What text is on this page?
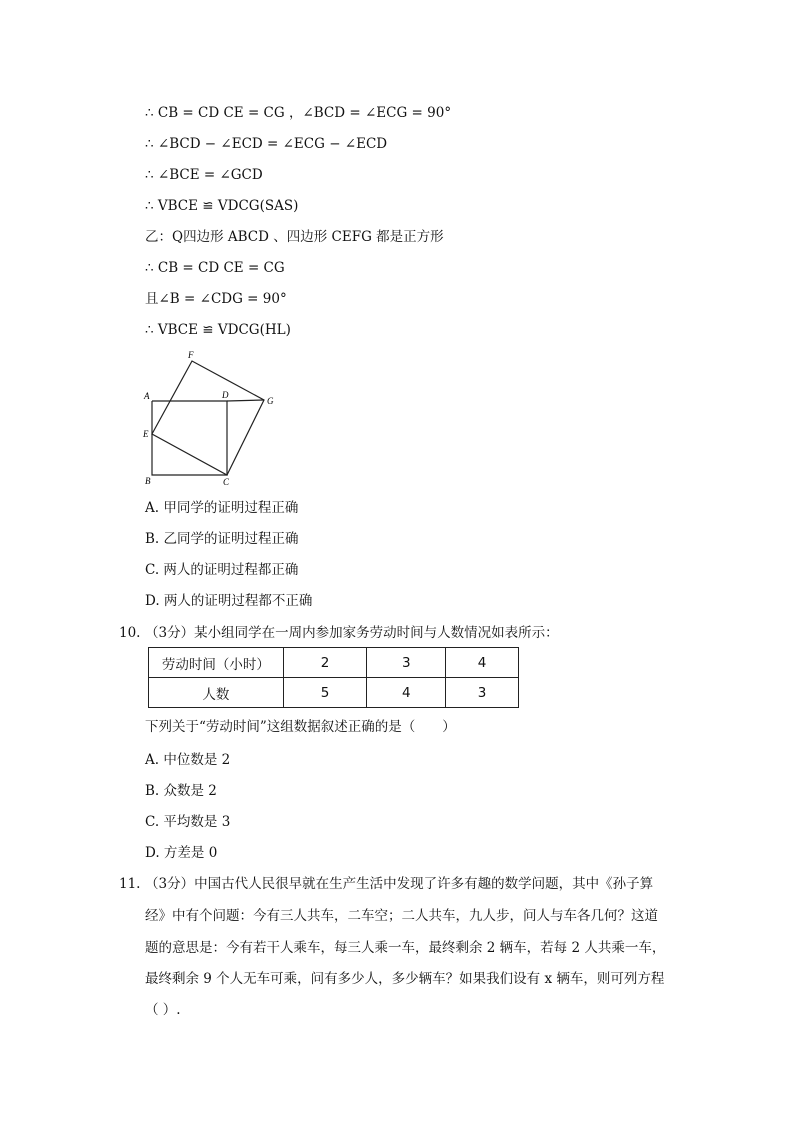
∴ CB = CD CE = CG ，∠BCD = ∠ECG = 90°
∴ ∠BCD − ∠ECD = ∠ECG − ∠ECD
∴ ∠BCE = ∠GCD
∴ VBCE ≌ VDCG(SAS)
乙：Q四边形 ABCD 、四边形 CEFG 都是正方形
∴ CB = CD CE = CG
且∠B = ∠CDG = 90°
∴ VBCE ≌ VDCG(HL)
F
A	D
G
E
B	C
A. 甲同学的证明过程正确
B. 乙同学的证明过程正确
C. 两人的证明过程都正确
D. 两人的证明过程都不正确
10. （3分）某小组同学在一周内参加家务劳动时间与人数情况如表所示：
劳动时间（小时）	2	3	4
人数	5	4	3
下列关于“劳动时间”这组数据叙述正确的是（　　）
A. 中位数是 2
B. 众数是 2
C. 平均数是 3
D. 方差是 0
11. （3分）中国古代人民很早就在生产生活中发现了许多有趣的数学问题，其中《孙子算
经》中有个问题：今有三人共车，二车空；二人共车，九人步，问人与车各几何？这道
题的意思是：今有若干人乘车，每三人乘一车，最终剩余 2 辆车，若每 2 人共乘一车，
最终剩余 9 个人无车可乘，问有多少人，多少辆车？如果我们设有 x 辆车，则可列方程
（ ）.
